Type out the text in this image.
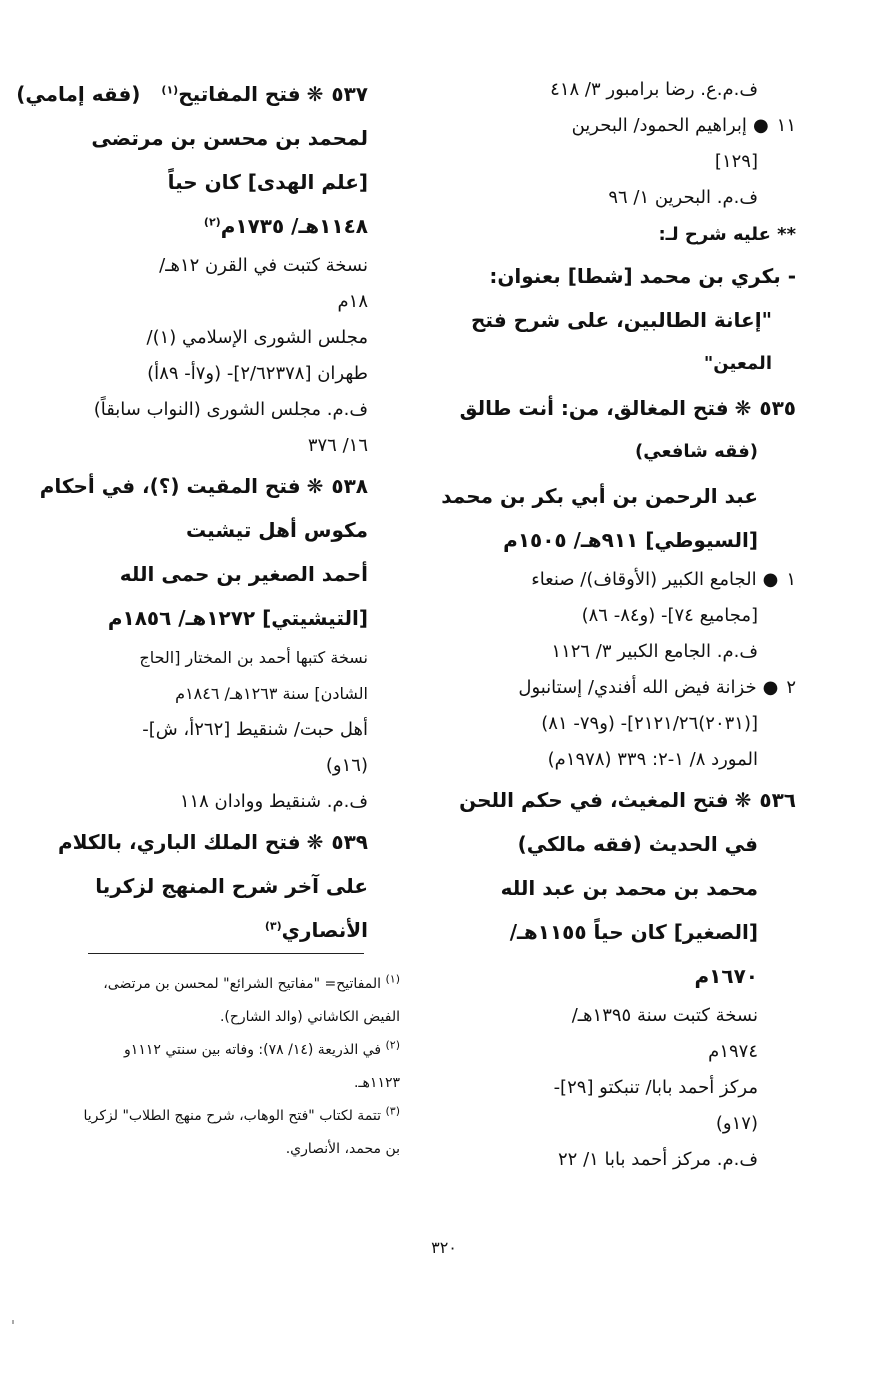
ف.م.ع. رضا برامبور ٣/ ٤١٨
١١●إبراهيم الحمود/ البحرين
[١٢٩]
ف.م. البحرين ١/ ٩٦
** عليه شرح لـ:
- بكري بن محمد [شطا] بعنوان:
"إعانة الطالبين، على شرح فتح
المعين"
٥٣٥❋فتح المغالق، من: أنت طالق
(فقه شافعي)
عبد الرحمن بن أبي بكر بن محمد
[السيوطي] ٩١١هـ/ ١٥٠٥م
١●الجامع الكبير (الأوقاف)/ صنعاء
[مجاميع ٧٤]- (و٨٤- ٨٦)
ف.م. الجامع الكبير ٣/ ١١٢٦
٢●خزانة فيض الله أفندي/ إستانبول
[(٢٠٣١)٢١٢١/٢٦]- (و٧٩- ٨١)
المورد ٨/ ١-٢: ٣٣٩ (١٩٧٨م)
٥٣٦❋فتح المغيث، في حكم اللحن
في الحديث (فقه مالكي)
محمد بن محمد بن عبد الله
[الصغير] كان حياً ١١٥٥هـ/
١٦٧٠م
نسخة كتبت سنة ١٣٩٥هـ/
١٩٧٤م
مركز أحمد بابا/ تنبكتو [٢٩]-
(١٧و)
ف.م. مركز أحمد بابا ١/ ٢٢
٥٣٧❋فتح المفاتيح$^{(١)}$ (فقه إمامي)
لمحمد بن محسن بن مرتضى
[علم الهدى] كان حياً
١١٤٨هـ/ ١٧٣٥م$^{(٢)}$
نسخة كتبت في القرن ١٢هـ/
١٨م
مجلس الشورى الإسلامي (١)/
طهران [٢/٦٢٣٧٨]- (و٧أ- ٨٩أ)
ف.م. مجلس الشورى (النواب سابقاً)
١٦/ ٣٧٦
٥٣٨❋فتح المقيت (؟)، في أحكام
مكوس أهل تيشيت
أحمد الصغير بن حمى الله
[التيشيتي] ١٢٧٢هـ/ ١٨٥٦م
نسخة كتبها أحمد بن المختار [الحاج
الشادن] سنة ١٢٦٣هـ/ ١٨٤٦م
أهل حبت/ شنقيط [٢٦٢أ، ش]-
(١٦و)
ف.م. شنقيط ووادان ١١٨
٥٣٩❋فتح الملك الباري، بالكلام
على آخر شرح المنهج لزكريا
الأنصاري$^{(٣)}$
$^{(١)}$ المفاتيح= "مفاتيح الشرائع" لمحسن بن مرتضى، الفيض الكاشاني (والد الشارح).
$^{(٢)}$ في الذريعة (١٤/ ٧٨): وفاته بين سنتي ١١١٢و ١١٢٣هـ.
$^{(٣)}$ تتمة لكتاب "فتح الوهاب، شرح منهج الطلاب" لزكريا بن محمد، الأنصاري.
٣٢٠
